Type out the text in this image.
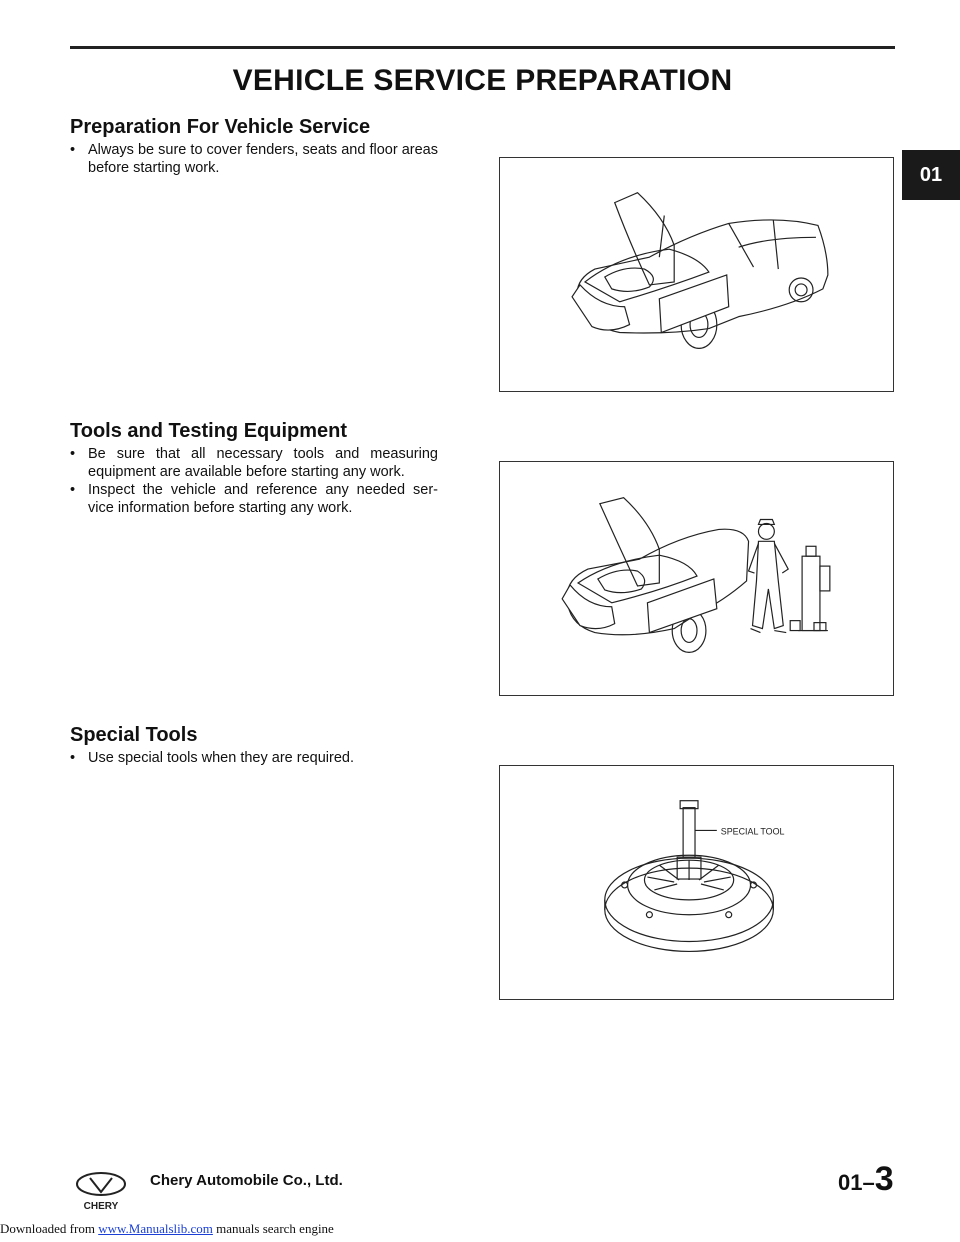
VEHICLE SERVICE PREPARATION
01
Preparation For Vehicle Service
• Always be sure to cover fenders, seats and floor areas before starting work.
Tools and Testing Equipment
• Be sure that all necessary tools and measuring equipment are available before starting any work.
• Inspect the vehicle and reference any needed ser- vice information before starting any work.
Special Tools
• Use special tools when they are required.
SPECIAL TOOL
CHERY
Chery Automobile Co., Ltd.	01–3
Downloaded from www.Manualslib.com manuals search engine
